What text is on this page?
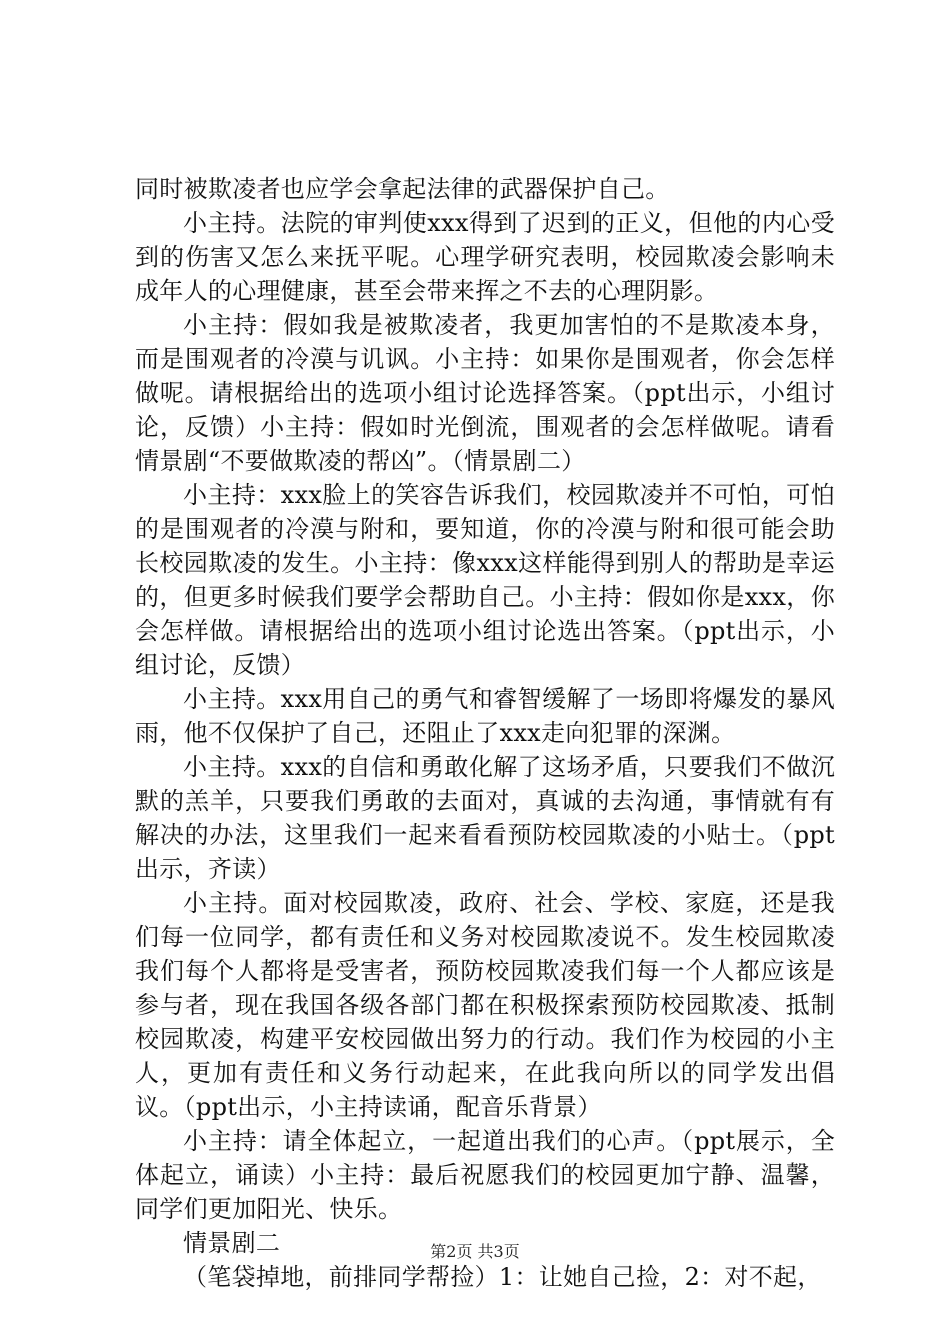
同时被欺凌者也应学会拿起法律的武器保护自己。

小主持。法院的审判使xxx得到了迟到的正义，但他的内心受到的伤害又怎么来抚平呢。心理学研究表明，校园欺凌会影响未成年人的心理健康，甚至会带来挥之不去的心理阴影。

小主持：假如我是被欺凌者，我更加害怕的不是欺凌本身，而是围观者的冷漠与讥讽。小主持：如果你是围观者，你会怎样做呢。请根据给出的选项小组讨论选择答案。（ppt出示，小组讨论，反馈）小主持：假如时光倒流，围观者的会怎样做呢。请看情景剧“不要做欺凌的帮凶”。（情景剧二）

小主持：xxx脸上的笑容告诉我们，校园欺凌并不可怕，可怕的是围观者的冷漠与附和，要知道，你的冷漠与附和很可能会助长校园欺凌的发生。小主持：像xxx这样能得到别人的帮助是幸运的，但更多时候我们要学会帮助自己。小主持：假如你是xxx，你会怎样做。请根据给出的选项小组讨论选出答案。（ppt出示，小组讨论，反馈）

小主持。xxx用自己的勇气和睿智缓解了一场即将爆发的暴风雨，他不仅保护了自己，还阻止了xxx走向犯罪的深渊。

小主持。xxx的自信和勇敢化解了这场矛盾，只要我们不做沉默的羔羊，只要我们勇敢的去面对，真诚的去沟通，事情就有有解决的办法，这里我们一起来看看预防校园欺凌的小贴士。（ppt出示，齐读）

小主持。面对校园欺凌，政府、社会、学校、家庭，还是我们每一位同学，都有责任和义务对校园欺凌说不。发生校园欺凌我们每个人都将是受害者，预防校园欺凌我们每一个人都应该是参与者，现在我国各级各部门都在积极探索预防校园欺凌、抵制校园欺凌，构建平安校园做出努力的行动。我们作为校园的小主人，更加有责任和义务行动起来，在此我向所以的同学发出倡议。（ppt出示，小主持读诵，配音乐背景）

小主持：请全体起立，一起道出我们的心声。（ppt展示，全体起立，诵读）小主持：最后祝愿我们的校园更加宁静、温馨，同学们更加阳光、快乐。

情景剧二

（笔袋掉地，前排同学帮捡）1：让她自己捡，2：对不起，

第2页 共3页
